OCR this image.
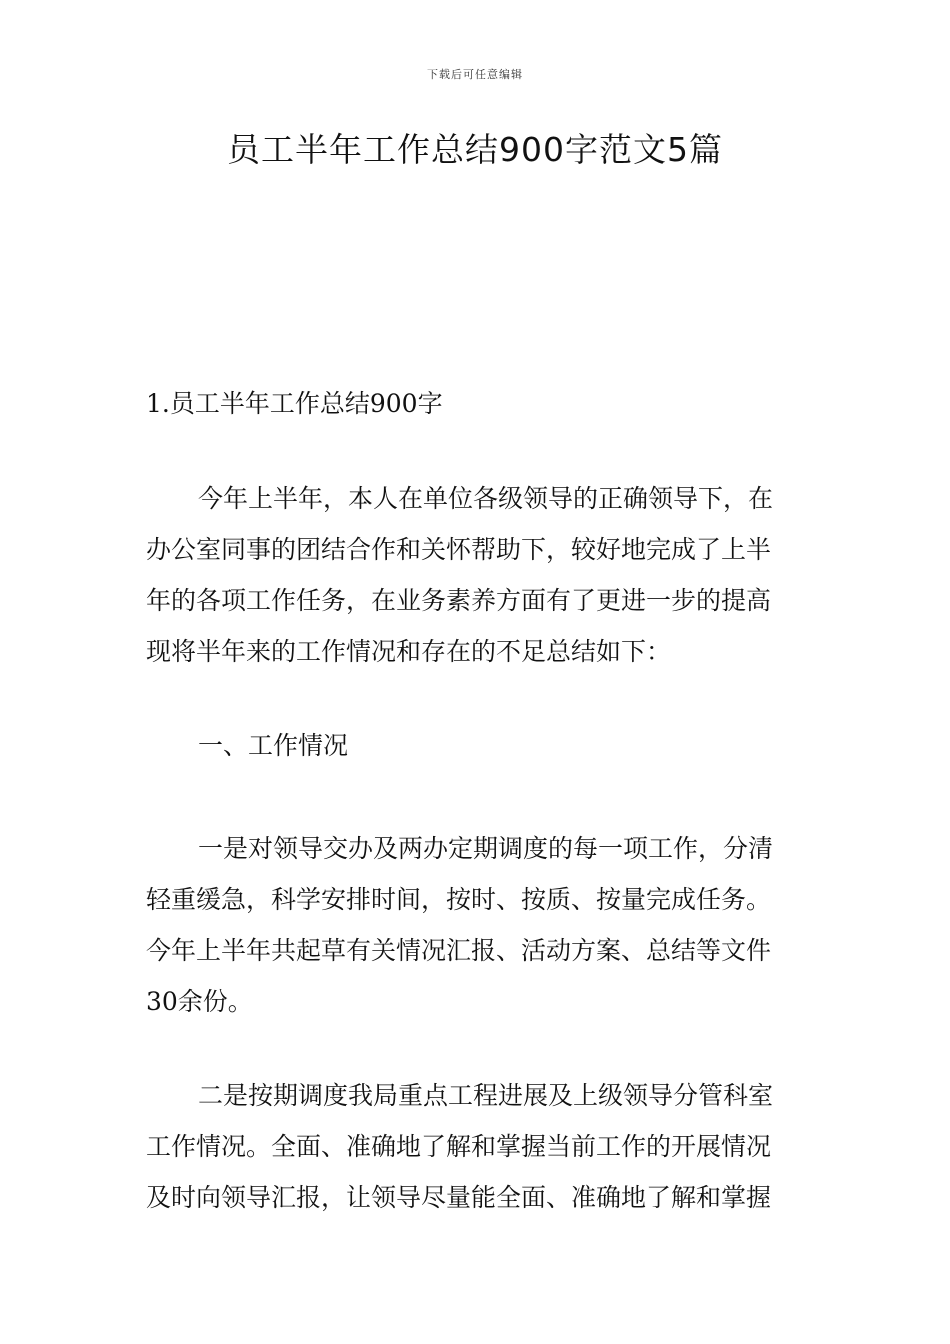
下载后可任意编辑
员工半年工作总结900字范文5篇

1.员工半年工作总结900字

今年上半年，本人在单位各级领导的正确领导下，在
办公室同事的团结合作和关怀帮助下，较好地完成了上半
年的各项工作任务，在业务素养方面有了更进一步的提高
现将半年来的工作情况和存在的不足总结如下：

一、工作情况

一是对领导交办及两办定期调度的每一项工作，分清
轻重缓急，科学安排时间，按时、按质、按量完成任务。
今年上半年共起草有关情况汇报、活动方案、总结等文件
30余份。

二是按期调度我局重点工程进展及上级领导分管科室
工作情况。全面、准确地了解和掌握当前工作的开展情况
及时向领导汇报，让领导尽量能全面、准确地了解和掌握
